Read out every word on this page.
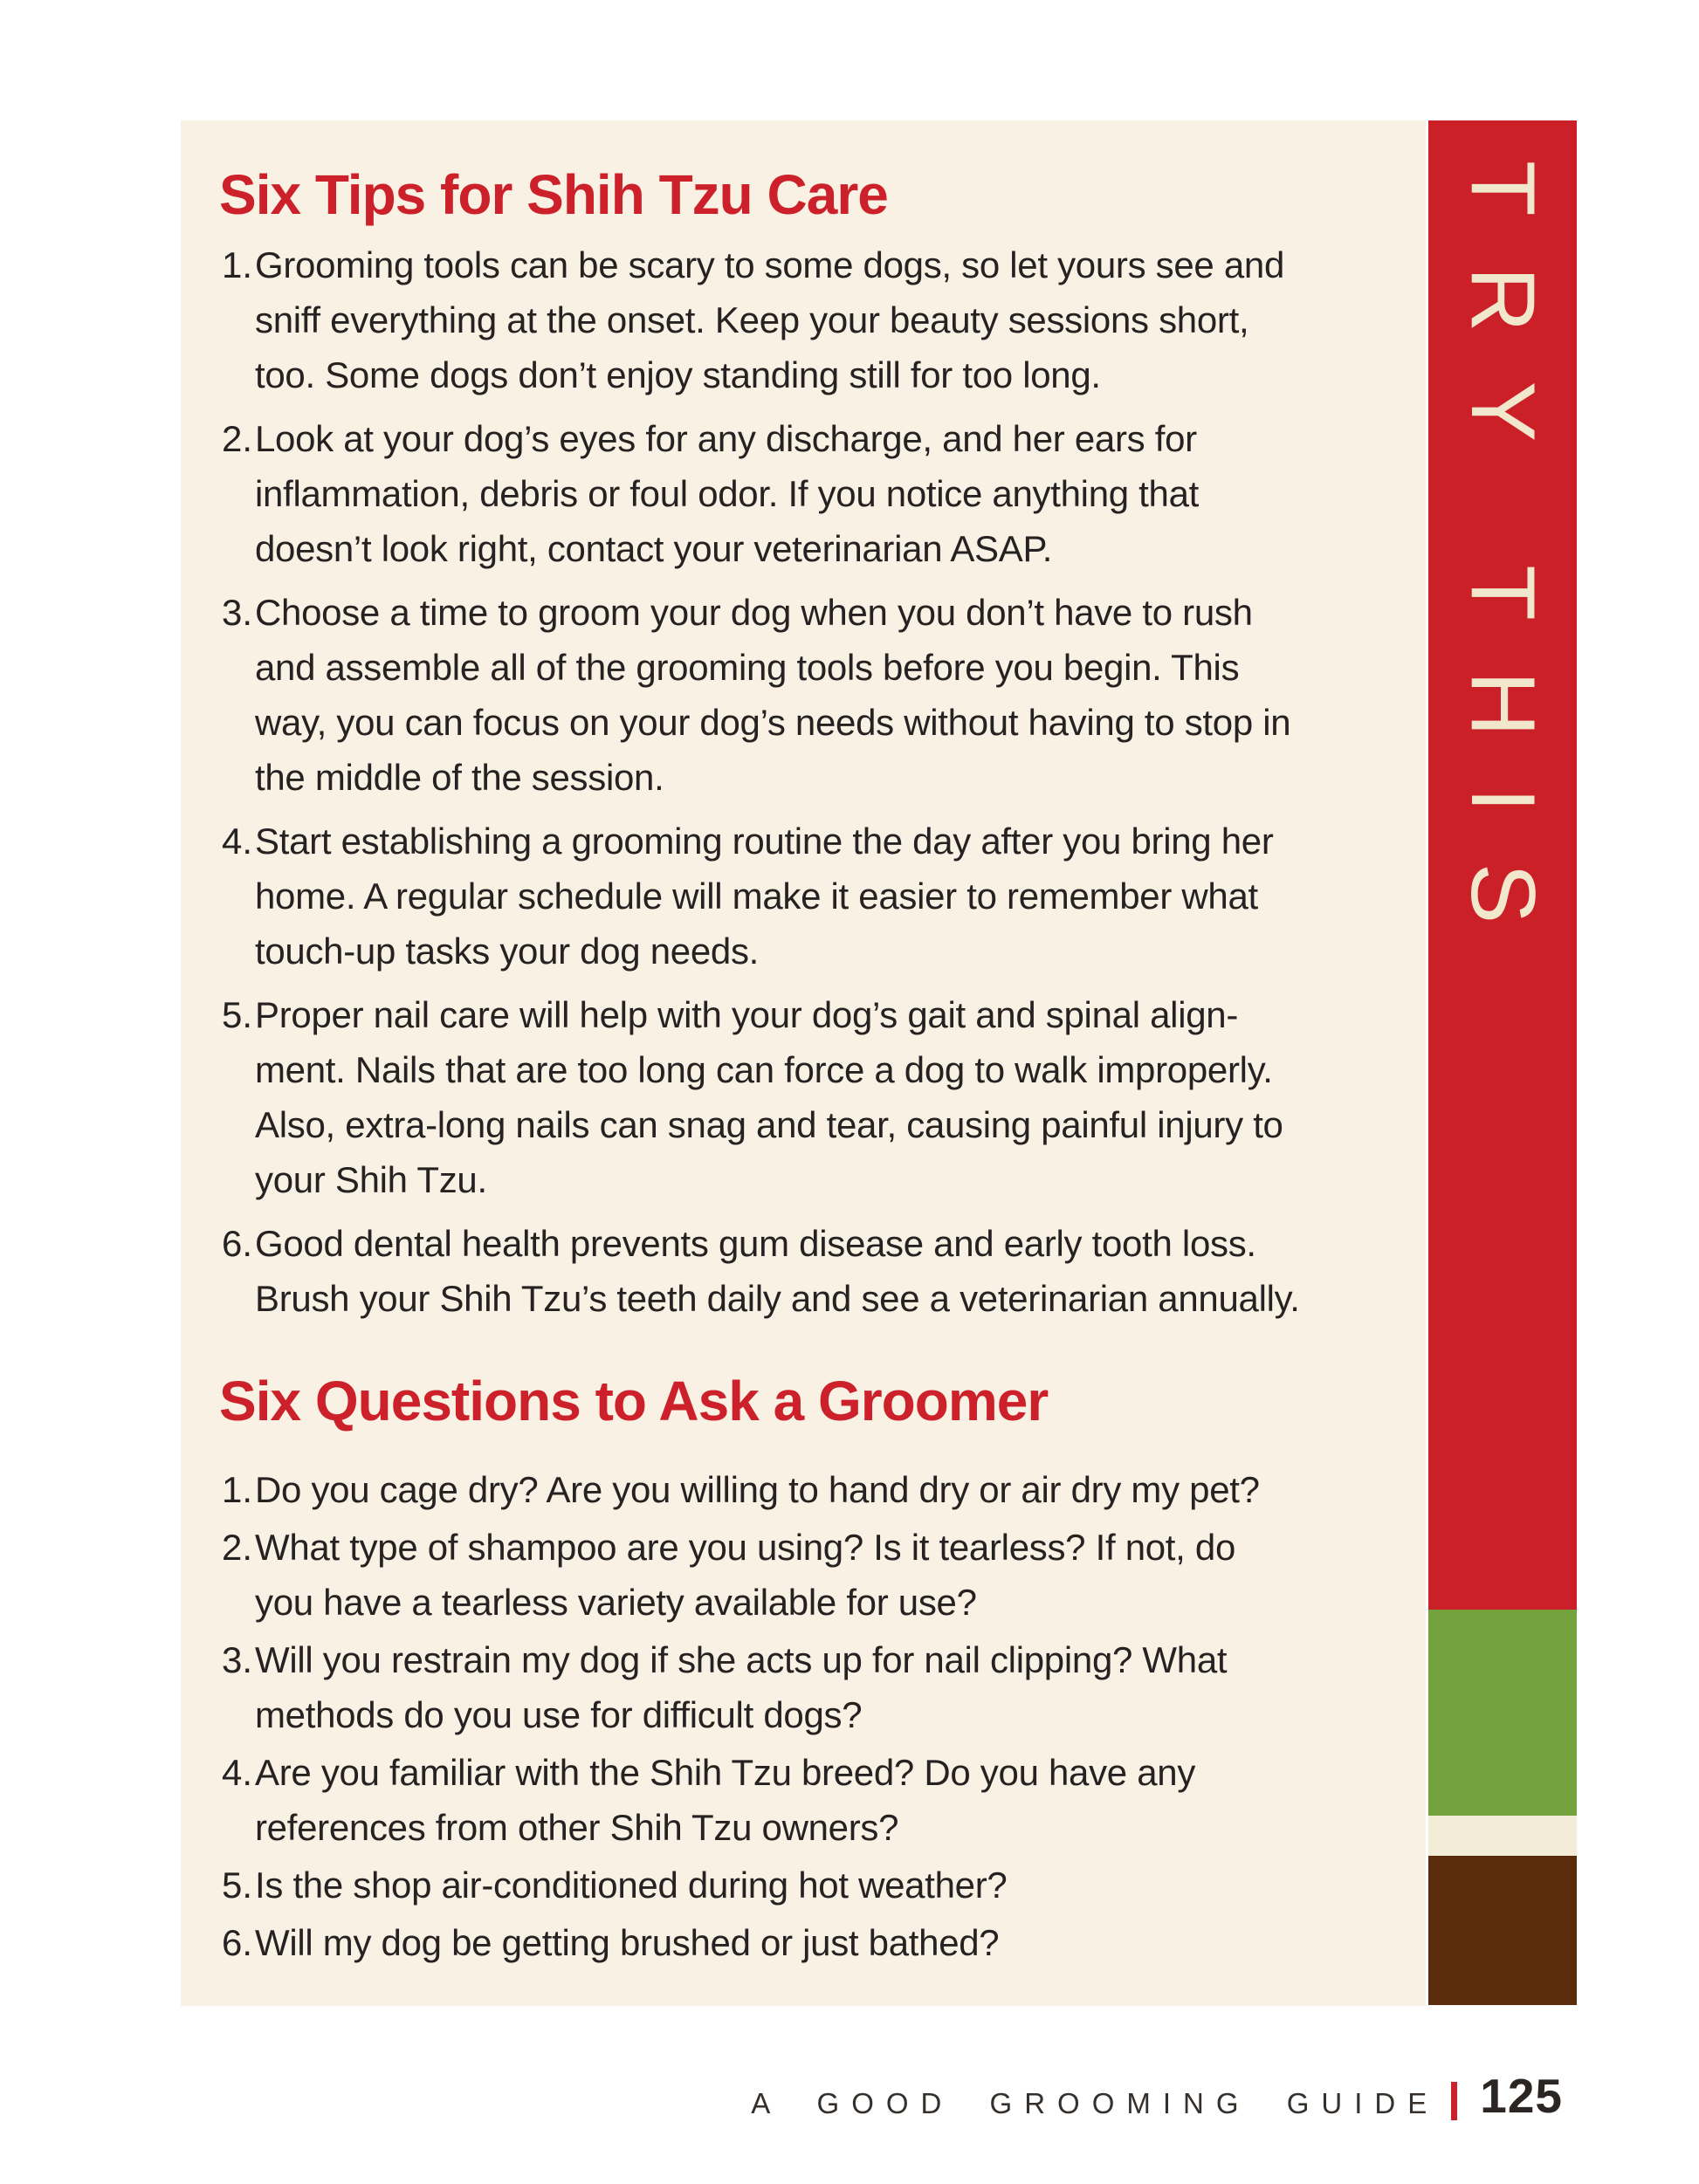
Six Tips for Shih Tzu Care
1. Grooming tools can be scary to some dogs, so let yours see and
sniff everything at the onset. Keep your beauty sessions short,
too. Some dogs don’t enjoy standing still for too long.
2. Look at your dog’s eyes for any discharge, and her ears for
inflammation, debris or foul odor. If you notice anything that
doesn’t look right, contact your veterinarian ASAP.
3. Choose a time to groom your dog when you don’t have to rush
and assemble all of the grooming tools before you begin. This
way, you can focus on your dog’s needs without having to stop in
the middle of the session.
4. Start establishing a grooming routine the day after you bring her
home. A regular schedule will make it easier to remember what
touch-up tasks your dog needs.
5. Proper nail care will help with your dog’s gait and spinal align-
ment. Nails that are too long can force a dog to walk improperly.
Also, extra-long nails can snag and tear, causing painful injury to
your Shih Tzu.
6. Good dental health prevents gum disease and early tooth loss.
Brush your Shih Tzu’s teeth daily and see a veterinarian annually.
Six Questions to Ask a Groomer
1. Do you cage dry? Are you willing to hand dry or air dry my pet?
2. What type of shampoo are you using? Is it tearless? If not, do
you have a tearless variety available for use?
3. Will you restrain my dog if she acts up for nail clipping? What
methods do you use for difficult dogs?
4. Are you familiar with the Shih Tzu breed? Do you have any
references from other Shih Tzu owners?
5. Is the shop air-conditioned during hot weather?
6. Will my dog be getting brushed or just bathed?
TRY THIS
A GOOD GROOMING GUIDE 125
